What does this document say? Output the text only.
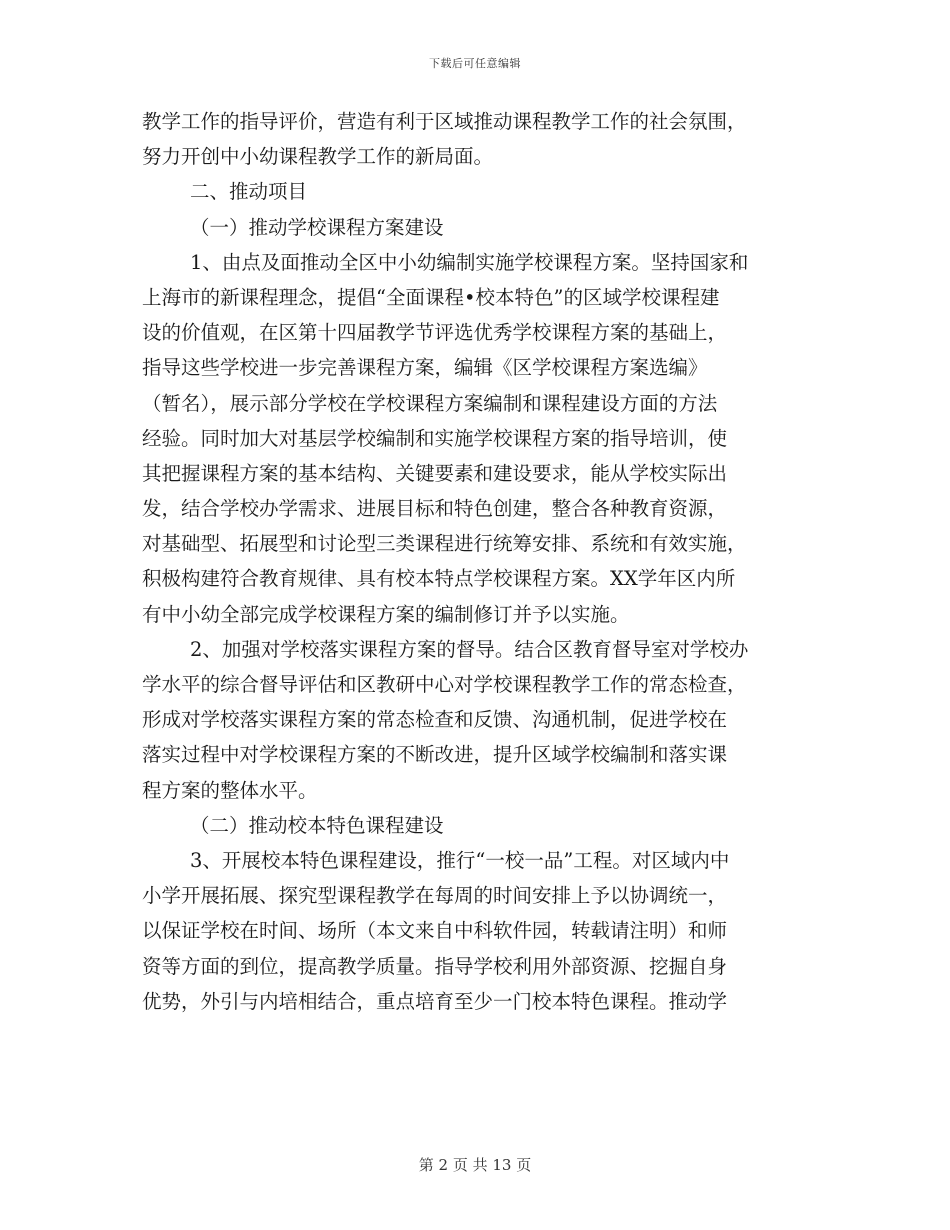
下载后可任意编辑
教学工作的指导评价，营造有利于区域推动课程教学工作的社会氛围，
努力开创中小幼课程教学工作的新局面。
二、推动项目
（一）推动学校课程方案建设
1、由点及面推动全区中小幼编制实施学校课程方案。坚持国家和
上海市的新课程理念，提倡“全面课程•校本特色”的区域学校课程建
设的价值观，在区第十四届教学节评选优秀学校课程方案的基础上，
指导这些学校进一步完善课程方案，编辑《区学校课程方案选编》
（暂名），展示部分学校在学校课程方案编制和课程建设方面的方法
经验。同时加大对基层学校编制和实施学校课程方案的指导培训，使
其把握课程方案的基本结构、关键要素和建设要求，能从学校实际出
发，结合学校办学需求、进展目标和特色创建，整合各种教育资源，
对基础型、拓展型和讨论型三类课程进行统筹安排、系统和有效实施，
积极构建符合教育规律、具有校本特点学校课程方案。XX学年区内所
有中小幼全部完成学校课程方案的编制修订并予以实施。
2、加强对学校落实课程方案的督导。结合区教育督导室对学校办
学水平的综合督导评估和区教研中心对学校课程教学工作的常态检查，
形成对学校落实课程方案的常态检查和反馈、沟通机制，促进学校在
落实过程中对学校课程方案的不断改进，提升区域学校编制和落实课
程方案的整体水平。
（二）推动校本特色课程建设
3、开展校本特色课程建设，推行“一校一品”工程。对区域内中
小学开展拓展、探究型课程教学在每周的时间安排上予以协调统一，
以保证学校在时间、场所（本文来自中科软件园，转载请注明）和师
资等方面的到位，提高教学质量。指导学校利用外部资源、挖掘自身
优势，外引与内培相结合，重点培育至少一门校本特色课程。推动学
第 2 页 共 13 页
